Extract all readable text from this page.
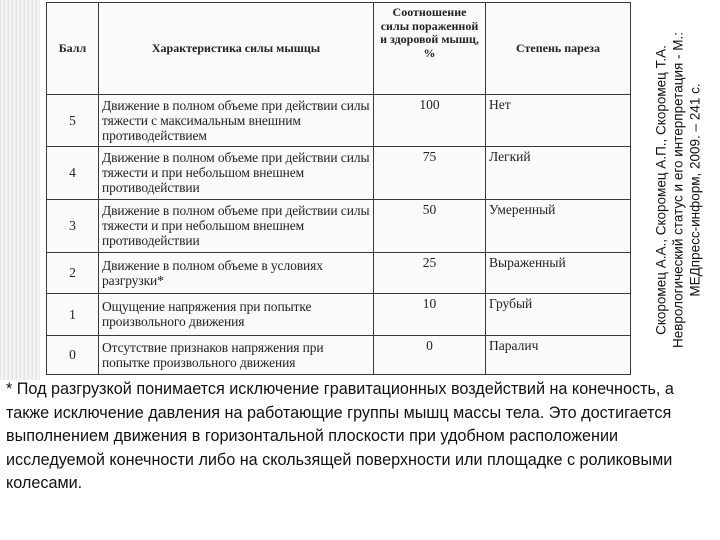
Балл	Характеристика силы мышцы	Соотношение силы пораженной и здоровой мышц, %	Степень пареза
5	Движение в полном объеме при действии силы тяжести с максимальным внешним противодействием	100	Нет
4	Движение в полном объеме при действии силы тяжести и при небольшом внешнем противодействии	75	Легкий
3	Движение в полном объеме при действии силы тяжести и при небольшом внешнем противодействии	50	Умеренный
2	Движение в полном объеме в условиях разгрузки*	25	Выраженный
1	Ощущение напряжения при попытке произвольного движения	10	Грубый
0	Отсутствие признаков напряжения при попытке произвольного движения	0	Паралич
Скоромец А.А., Скоромец А.П., Скоромец Т.А. Неврологический статус и его интерпретация - М.: МЕДпресс-информ, 2009. – 241 с.

* Под разгрузкой понимается исключение гравитационных воздействий на конечность, а также исключение давления на работающие группы мышц массы тела. Это достигается выполнением движения в горизонтальной плоскости при удобном расположении исследуемой конечности либо на скользящей поверхности или площадке с роликовыми колесами.
